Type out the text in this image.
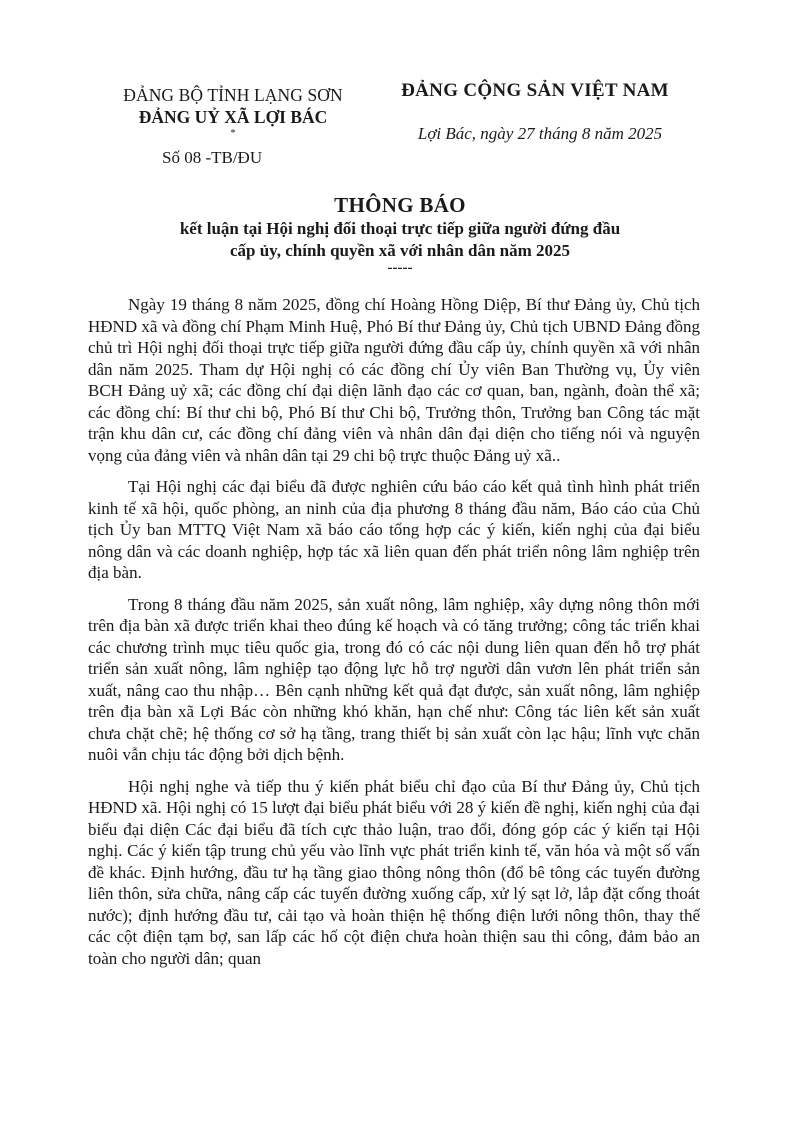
ĐẢNG BỘ TỈNH LẠNG SƠN
ĐẢNG UỶ XÃ LỢI BÁC
*
Số 08 -TB/ĐU
ĐẢNG CỘNG SẢN VIỆT NAM
Lợi Bác, ngày 27 tháng 8 năm 2025
THÔNG BÁO
kết luận tại Hội nghị đối thoại trực tiếp giữa người đứng đầu
cấp ủy, chính quyền xã với nhân dân năm 2025
-----

Ngày 19 tháng 8 năm 2025, đồng chí Hoàng Hồng Diệp, Bí thư Đảng ủy, Chủ tịch HĐND xã và đồng chí Phạm Minh Huệ, Phó Bí thư Đảng ủy, Chủ tịch UBND Đảng đồng chủ trì Hội nghị đối thoại trực tiếp giữa người đứng đầu cấp ủy, chính quyền xã với nhân dân năm 2025. Tham dự Hội nghị có các đồng chí Ủy viên Ban Thường vụ, Ủy viên BCH Đảng uỷ xã; các đồng chí đại diện lãnh đạo các cơ quan, ban, ngành, đoàn thể xã; các đồng chí: Bí thư chi bộ, Phó Bí thư Chi bộ, Trưởng thôn, Trưởng ban Công tác mặt trận khu dân cư, các đồng chí đảng viên và nhân dân đại diện cho tiếng nói và nguyện vọng của đảng viên và nhân dân tại 29 chi bộ trực thuộc Đảng uỷ xã..

Tại Hội nghị các đại biểu đã được nghiên cứu báo cáo kết quả tình hình phát triển kinh tế xã hội, quốc phòng, an ninh của địa phương 8 tháng đầu năm, Báo cáo của Chủ tịch Ủy ban MTTQ Việt Nam xã báo cáo tổng hợp các ý kiến, kiến nghị của đại biểu nông dân và các doanh nghiệp, hợp tác xã liên quan đến phát triển nông lâm nghiệp trên địa bàn.

Trong 8 tháng đầu năm 2025, sản xuất nông, lâm nghiệp, xây dựng nông thôn mới trên địa bàn xã được triển khai theo đúng kế hoạch và có tăng trưởng; công tác triển khai các chương trình mục tiêu quốc gia, trong đó có các nội dung liên quan đến hỗ trợ phát triển sản xuất nông, lâm nghiệp tạo động lực hỗ trợ người dân vươn lên phát triển sản xuất, nâng cao thu nhập… Bên cạnh những kết quả đạt được, sản xuất nông, lâm nghiệp trên địa bàn xã Lợi Bác còn những khó khăn, hạn chế như: Công tác liên kết sản xuất chưa chặt chẽ; hệ thống cơ sở hạ tầng, trang thiết bị sản xuất còn lạc hậu; lĩnh vực chăn nuôi vẫn chịu tác động bởi dịch bệnh.

Hội nghị nghe và tiếp thu ý kiến phát biểu chỉ đạo của Bí thư Đảng ủy, Chủ tịch HĐND xã. Hội nghị có 15 lượt đại biểu phát biểu với 28 ý kiến đề nghị, kiến nghị của đại biểu đại diện Các đại biểu đã tích cực thảo luận, trao đổi, đóng góp các ý kiến tại Hội nghị. Các ý kiến tập trung chủ yếu vào lĩnh vực phát triển kinh tế, văn hóa và một số vấn đề khác. Định hướng, đầu tư hạ tầng giao thông nông thôn (đổ bê tông các tuyến đường liên thôn, sửa chữa, nâng cấp các tuyến đường xuống cấp, xử lý sạt lở, lắp đặt cống thoát nước); định hướng đầu tư, cải tạo và hoàn thiện hệ thống điện lưới nông thôn, thay thế các cột điện tạm bợ, san lấp các hố cột điện chưa hoàn thiện sau thi công, đảm bảo an toàn cho người dân; quan
